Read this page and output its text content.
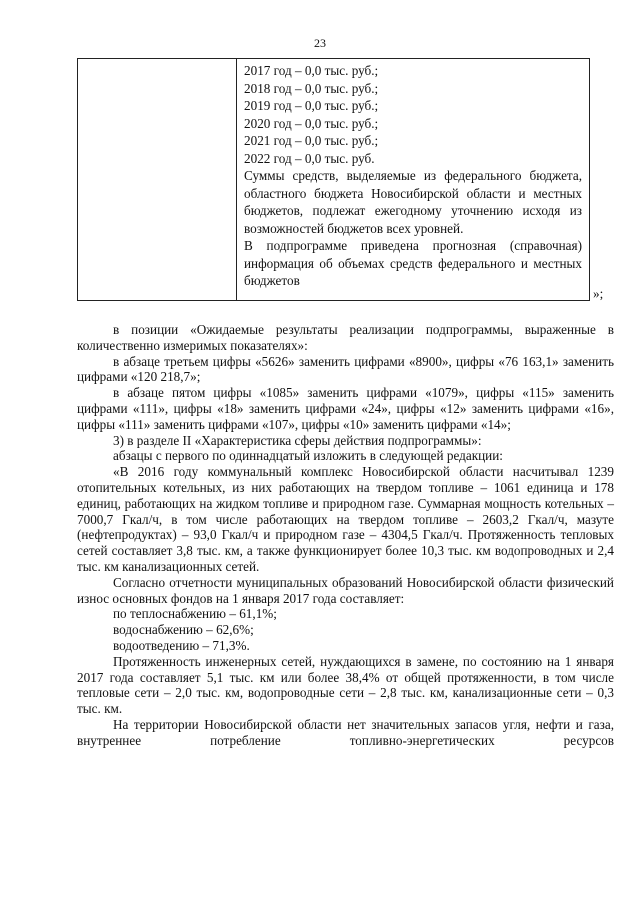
23
2017 год – 0,0 тыс. руб.;
2018 год – 0,0 тыс. руб.;
2019 год – 0,0 тыс. руб.;
2020 год – 0,0 тыс. руб.;
2021 год – 0,0 тыс. руб.;
2022 год – 0,0 тыс. руб.
Суммы средств, выделяемые из федерального бюджета, областного бюджета Новосибирской области и местных бюджетов, подлежат ежегодному уточнению исходя из возможностей бюджетов всех уровней.
В подпрограмме приведена прогнозная (справочная) информация об объемах средств федерального и местных бюджетов
»;

в позиции «Ожидаемые результаты реализации подпрограммы, выраженные в количественно измеримых показателях»:

в абзаце третьем цифры «5626» заменить цифрами «8900», цифры «76 163,1» заменить цифрами «120 218,7»;

в абзаце пятом цифры «1085» заменить цифрами «1079», цифры «115» заменить цифрами «111», цифры «18» заменить цифрами «24», цифры «12» заменить цифрами «16», цифры «111» заменить цифрами «107», цифры «10» заменить цифрами «14»;

3) в разделе II «Характеристика сферы действия подпрограммы»:

абзацы с первого по одиннадцатый изложить в следующей редакции:

«В 2016 году коммунальный комплекс Новосибирской области насчитывал 1239 отопительных котельных, из них работающих на твердом топливе – 1061 единица и 178 единиц, работающих на жидком топливе и природном газе. Суммарная мощность котельных – 7000,7 Гкал/ч, в том числе работающих на твердом топливе – 2603,2 Гкал/ч, мазуте (нефтепродуктах) – 93,0 Гкал/ч и природном газе – 4304,5 Гкал/ч. Протяженность тепловых сетей составляет 3,8 тыс. км, а также функционирует более 10,3 тыс. км водопроводных и 2,4 тыс. км канализационных сетей.

Согласно отчетности муниципальных образований Новосибирской области физический износ основных фондов на 1 января 2017 года составляет:

по теплоснабжению – 61,1%;

водоснабжению – 62,6%;

водоотведению – 71,3%.

Протяженность инженерных сетей, нуждающихся в замене, по состоянию на 1 января 2017 года составляет 5,1 тыс. км или более 38,4% от общей протяженности, в том числе тепловые сети – 2,0 тыс. км, водопроводные сети – 2,8 тыс. км, канализационные сети – 0,3 тыс. км.

На территории Новосибирской области нет значительных запасов угля, нефти и газа, внутреннее потребление топливно-энергетических ресурсов
